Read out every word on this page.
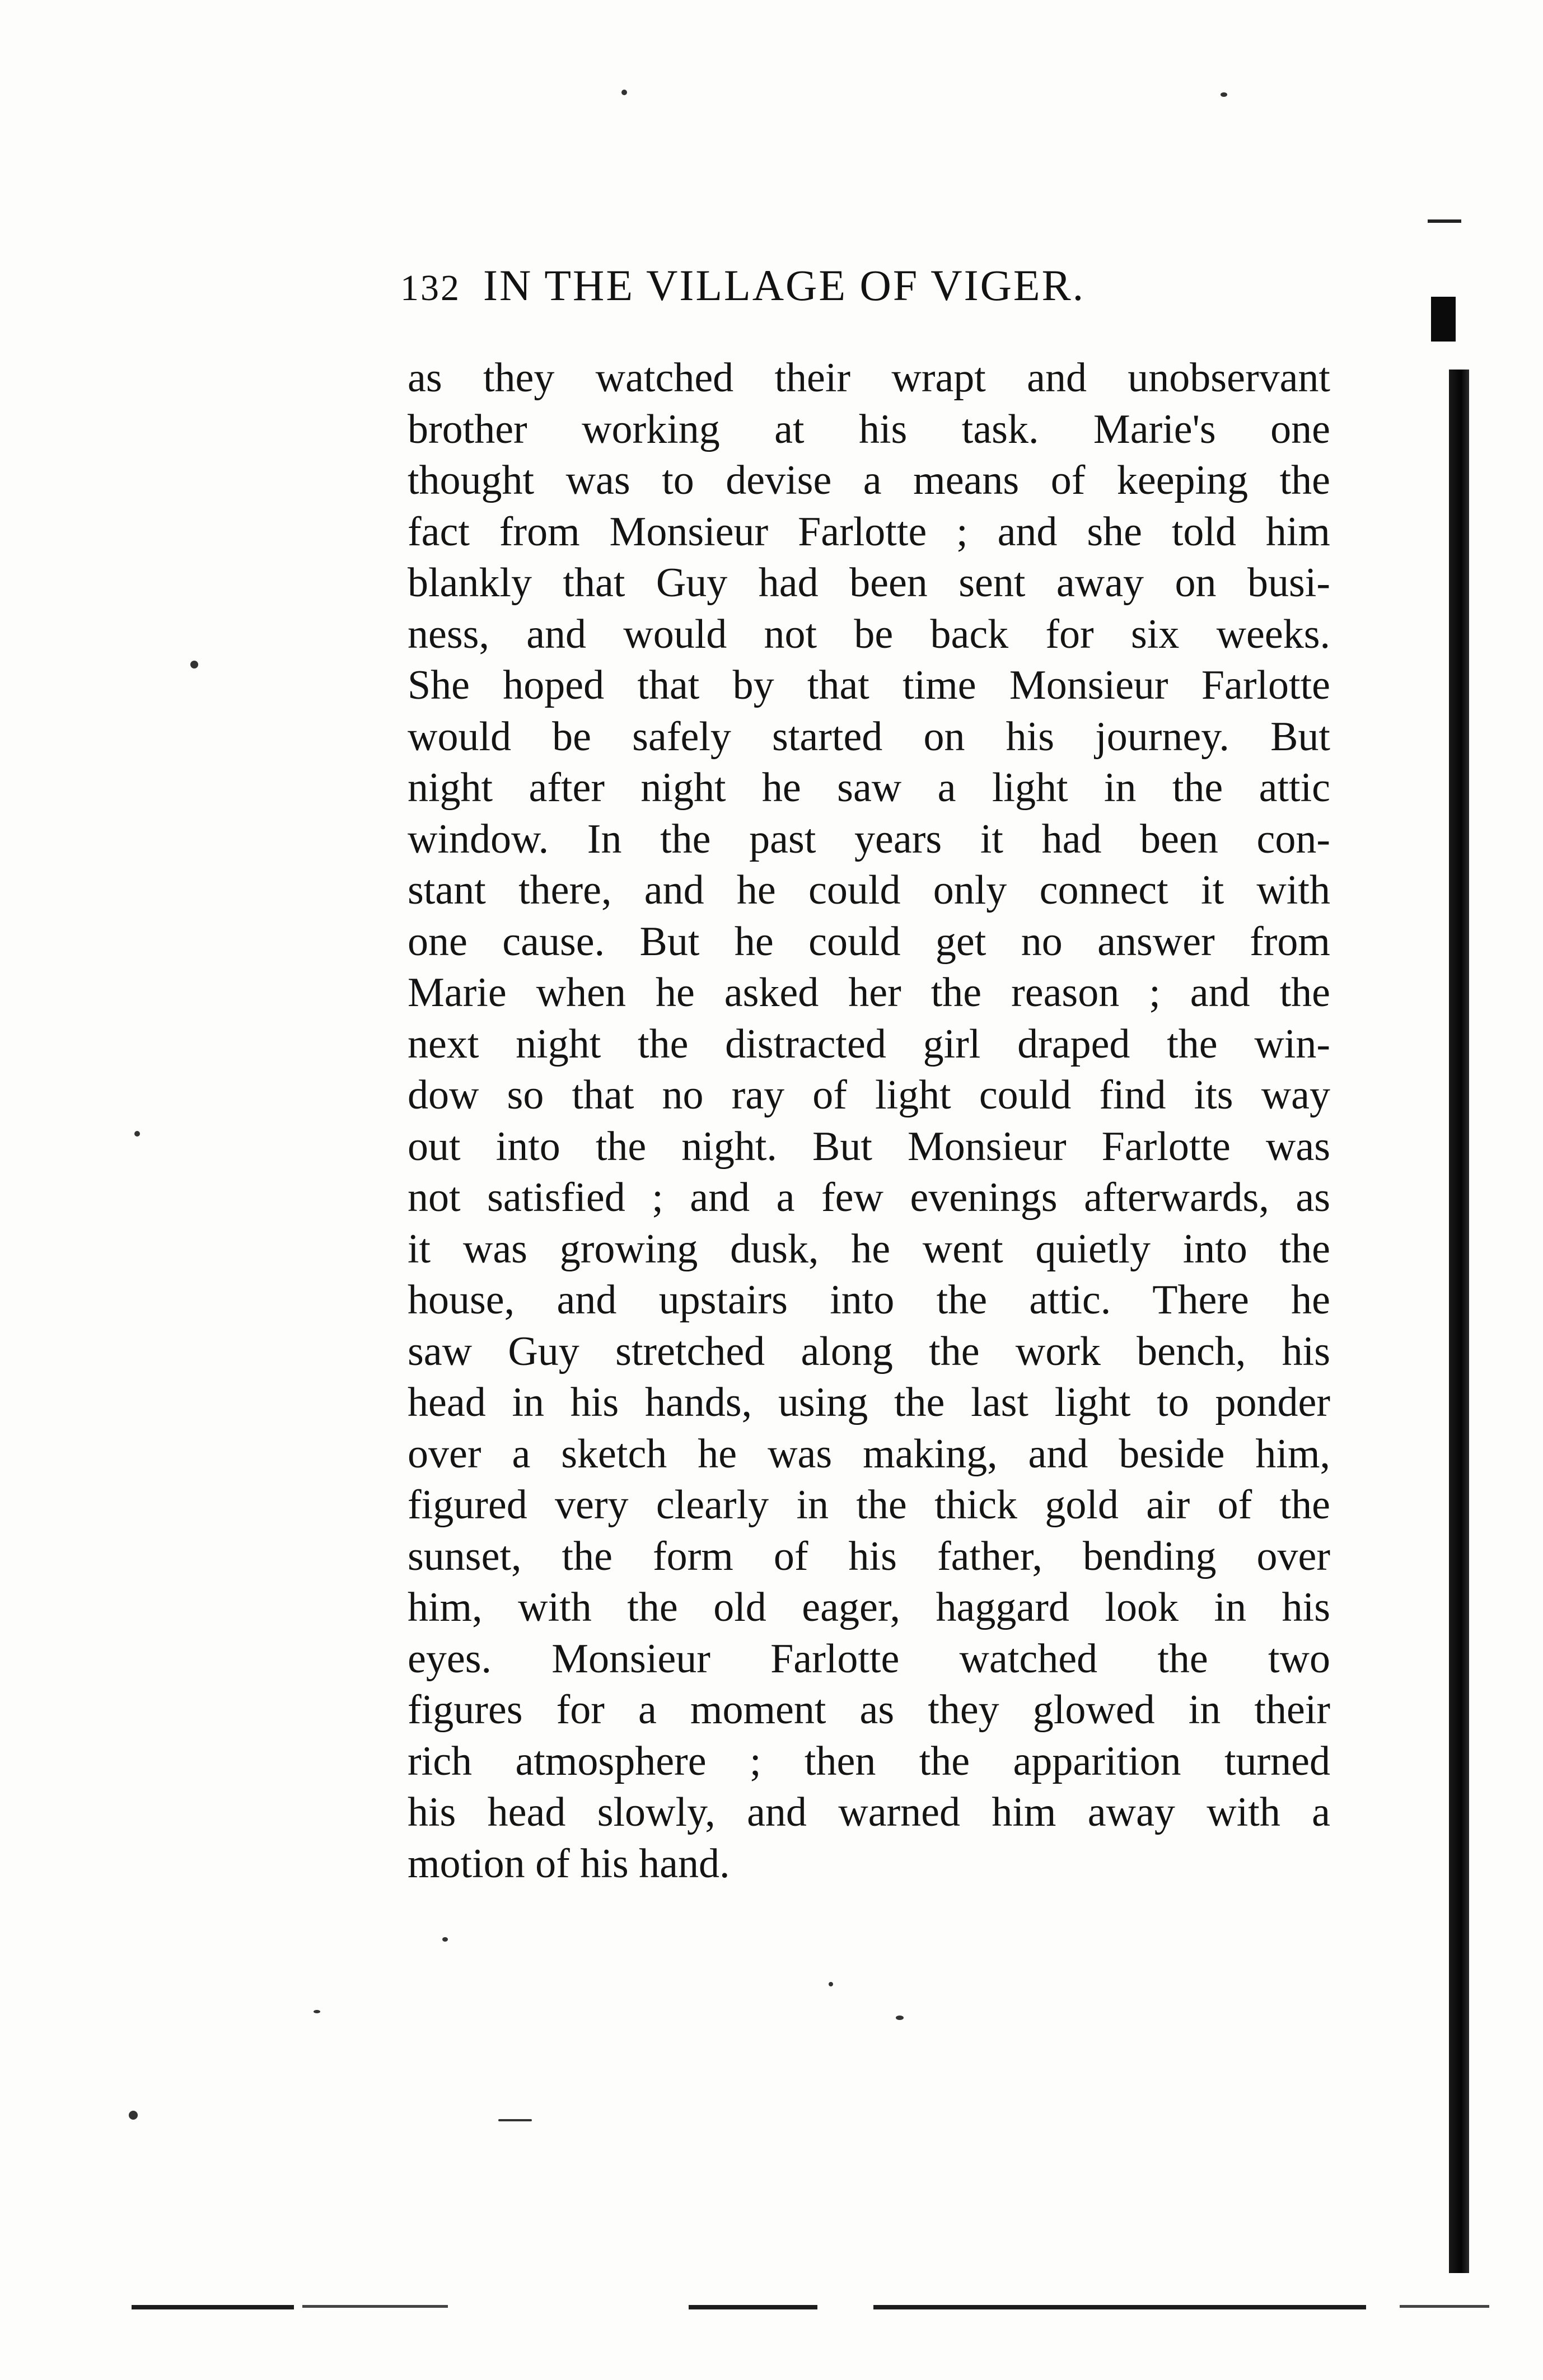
132 IN THE VILLAGE OF VIGER.
as they watched their wrapt and unobservant
brother working at his task. Marie's one
thought was to devise a means of keeping the
fact from Monsieur Farlotte ; and she told him
blankly that Guy had been sent away on busi-
ness, and would not be back for six weeks.
She hoped that by that time Monsieur Farlotte
would be safely started on his journey. But
night after night he saw a light in the attic
window. In the past years it had been con-
stant there, and he could only connect it with
one cause. But he could get no answer from
Marie when he asked her the reason ; and the
next night the distracted girl draped the win-
dow so that no ray of light could find its way
out into the night. But Monsieur Farlotte was
not satisfied ; and a few evenings afterwards, as
it was growing dusk, he went quietly into the
house, and upstairs into the attic. There he
saw Guy stretched along the work bench, his
head in his hands, using the last light to ponder
over a sketch he was making, and beside him,
figured very clearly in the thick gold air of the
sunset, the form of his father, bending over
him, with the old eager, haggard look in his
eyes. Monsieur Farlotte watched the two
figures for a moment as they glowed in their
rich atmosphere ; then the apparition turned
his head slowly, and warned him away with a
motion of his hand.
